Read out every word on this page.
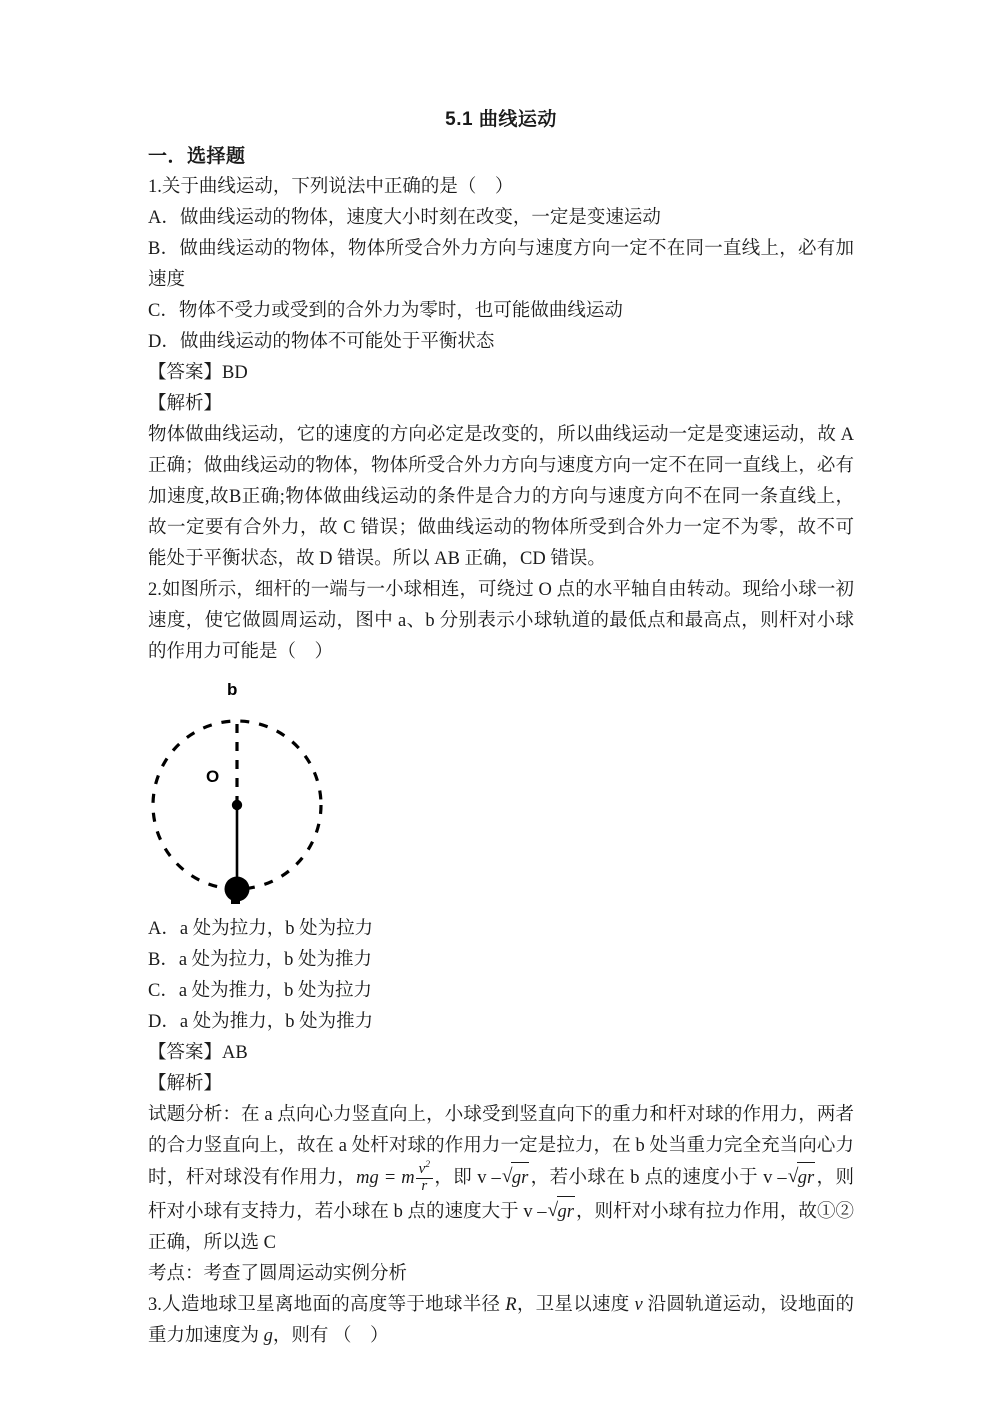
5.1 曲线运动
一．选择题

1.关于曲线运动，下列说法中正确的是（　）

A．做曲线运动的物体，速度大小时刻在改变，一定是变速运动

B．做曲线运动的物体，物体所受合外力方向与速度方向一定不在同一直线上，必有加速度

C．物体不受力或受到的合外力为零时，也可能做曲线运动

D．做曲线运动的物体不可能处于平衡状态

【答案】BD

【解析】

物体做曲线运动，它的速度的方向必定是改变的，所以曲线运动一定是变速运动，故 A 正确；做曲线运动的物体，物体所受合外力方向与速度方向一定不在同一直线上，必有加速度,故B正确;物体做曲线运动的条件是合力的方向与速度方向不在同一条直线上，故一定要有合外力，故 C 错误；做曲线运动的物体所受到合外力一定不为零，故不可能处于平衡状态，故 D 错误。所以 AB 正确，CD 错误。

2.如图所示，细杆的一端与一小球相连，可绕过 O 点的水平轴自由转动。现给小球一初速度，使它做圆周运动，图中 a、b 分别表示小球轨道的最低点和最高点，则杆对小球的作用力可能是（　）

b
O

A．a 处为拉力，b 处为拉力

B．a 处为拉力，b 处为推力

C．a 处为推力，b 处为拉力

D．a 处为推力，b 处为推力

【答案】AB

【解析】

试题分析：在 a 点向心力竖直向上，小球受到竖直向下的重力和杆对球的作用力，两者的合力竖直向上，故在 a 处杆对球的作用力一定是拉力，在 b 处当重力完全充当向心力时，杆对球没有作用力，mg = m $\frac{v^2}{r}$ ，即 v – √ gr ，若小球在 b 点的速度小于 v – √ gr ，则杆对小球有支持力，若小球在 b 点的速度大于 v – √ gr ，则杆对小球有拉力作用，故①②正确，所以选 C

考点：考查了圆周运动实例分析

3.人造地球卫星离地面的高度等于地球半径 R，卫星以速度 v 沿圆轨道运动，设地面的重力加速度为 g，则有 （　）
